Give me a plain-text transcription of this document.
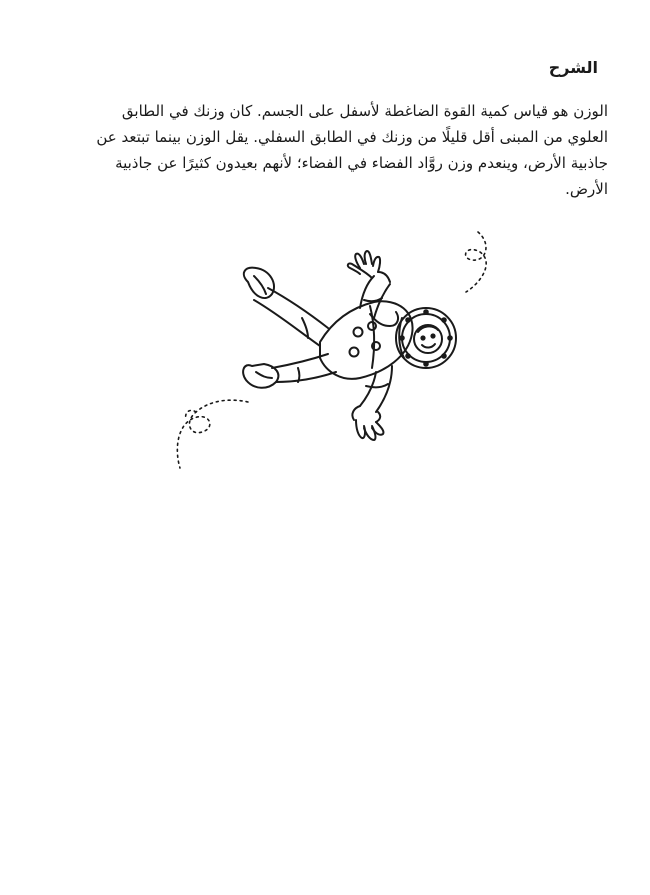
الشرح

الوزن هو قياس كمية القوة الضاغطة لأسفل على الجسم. كان وزنك في الطابق العلوي من المبنى أقل قليلًا من وزنك في الطابق السفلي. يقل الوزن بينما تبتعد عن جاذبية الأرض، وينعدم وزن روَّاد الفضاء في الفضاء؛ لأنهم بعيدون كثيرًا عن جاذبية الأرض.
